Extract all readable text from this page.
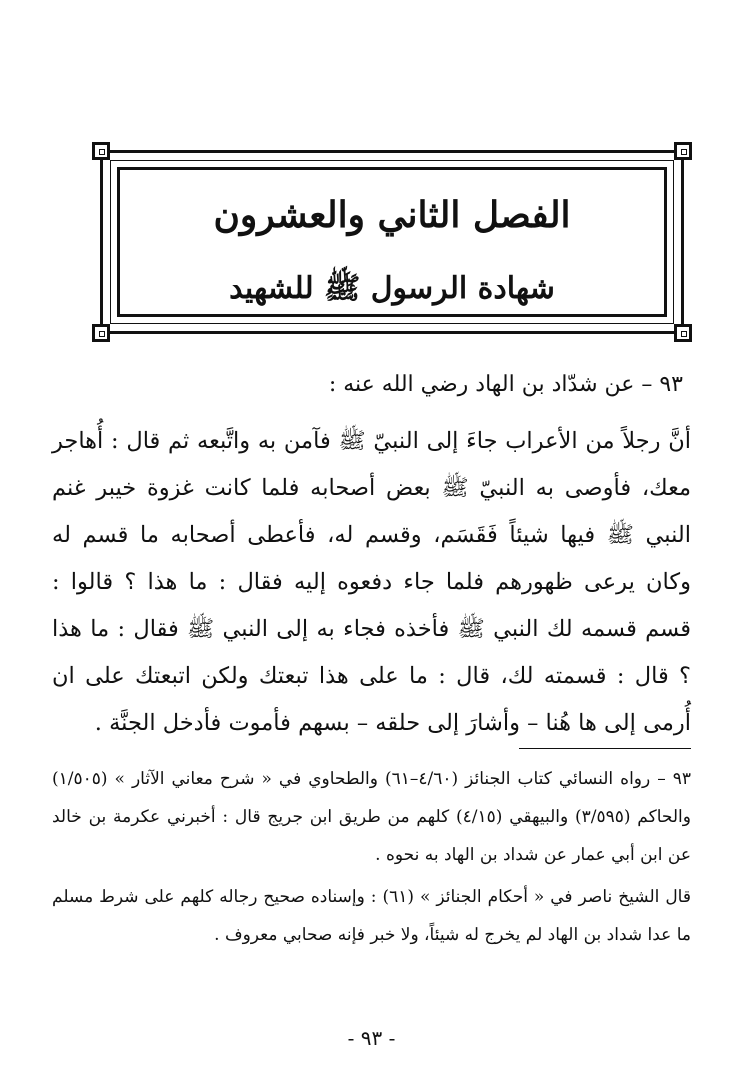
الفصل الثاني والعشرون
شهادة الرسول ﷺ للشهيد
٩٣ – عن شدّاد بن الهاد رضي الله عنه :
أنَّ رجلاً من الأعراب جاءَ إلى النبيّ ﷺ فآمن به واتَّبعه ثم قال : أُهاجر معك، فأوصى به النبيّ ﷺ بعض أصحابه فلما كانت غزوة خيبر غنم النبي ﷺ فيها شيئاً فَقَسَم، وقسم له، فأعطى أصحابه ما قسم له وكان يرعى ظهورهم فلما جاء دفعوه إليه فقال : ما هذا ؟ قالوا : قسم قسمه لك النبي ﷺ فأخذه فجاء به إلى النبي ﷺ فقال : ما هذا ؟ قال : قسمته لك، قال : ما على هذا تبعتك ولكن اتبعتك على ان أُرمى إلى ها هُنا – وأشارَ إلى حلقه – بسهم فأموت فأدخل الجنَّة .

٩٣ – رواه النسائي كتاب الجنائز (٤/٦٠–٦١) والطحاوي في « شرح معاني الآثار » (١/٥٠٥) والحاكم (٣/٥٩٥) والبيهقي (٤/١٥) كلهم من طريق ابن جريج قال : أخبرني عكرمة بن خالد عن ابن أبي عمار عن شداد بن الهاد به نحوه .

قال الشيخ ناصر في « أحكام الجنائز » (٦١) : وإسناده صحيح رجاله كلهم على شرط مسلم ما عدا شداد بن الهاد لم يخرج له شيئاً، ولا خبر فإنه صحابي معروف .

- ٩٣ -
